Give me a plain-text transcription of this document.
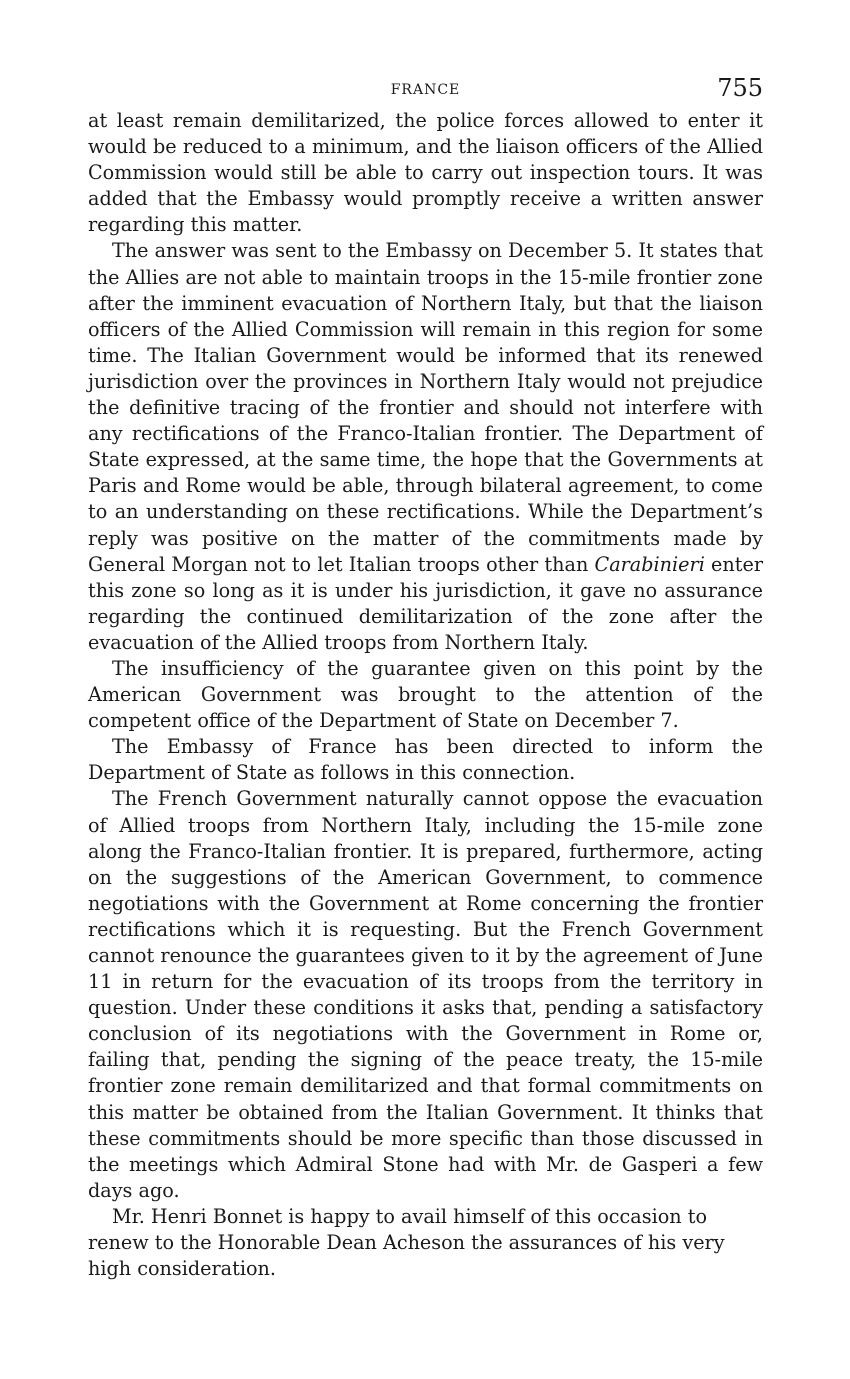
FRANCE	755

at least remain demilitarized, the police forces allowed to enter it would be reduced to a minimum, and the liaison officers of the Allied Commission would still be able to carry out inspection tours. It was added that the Embassy would promptly receive a written answer regarding this matter.

The answer was sent to the Embassy on December 5. It states that the Allies are not able to maintain troops in the 15-mile frontier zone after the imminent evacuation of Northern Italy, but that the liaison officers of the Allied Commission will remain in this region for some time. The Italian Government would be informed that its renewed jurisdiction over the provinces in Northern Italy would not prejudice the definitive tracing of the frontier and should not interfere with any rectifications of the Franco-Italian frontier. The Department of State expressed, at the same time, the hope that the Governments at Paris and Rome would be able, through bilateral agreement, to come to an understanding on these rectifications. While the Department’s reply was positive on the matter of the commitments made by General Morgan not to let Italian troops other than Carabinieri enter this zone so long as it is under his jurisdiction, it gave no assurance regarding the continued demilitarization of the zone after the evacuation of the Allied troops from Northern Italy.

The insufficiency of the guarantee given on this point by the American Government was brought to the attention of the competent office of the Department of State on December 7.

The Embassy of France has been directed to inform the Department of State as follows in this connection.

The French Government naturally cannot oppose the evacuation of Allied troops from Northern Italy, including the 15-mile zone along the Franco-Italian frontier. It is prepared, furthermore, acting on the suggestions of the American Government, to commence negotiations with the Government at Rome concerning the frontier rectifications which it is requesting. But the French Government cannot renounce the guarantees given to it by the agreement of June 11 in return for the evacuation of its troops from the territory in question. Under these conditions it asks that, pending a satisfactory conclusion of its negotiations with the Government in Rome or, failing that, pending the signing of the peace treaty, the 15-mile frontier zone remain demilitarized and that formal commitments on this matter be obtained from the Italian Government. It thinks that these commitments should be more specific than those discussed in the meetings which Admiral Stone had with Mr. de Gasperi a few days ago.

Mr. Henri Bonnet is happy to avail himself of this occasion to renew to the Honorable Dean Acheson the assurances of his very high consideration.
